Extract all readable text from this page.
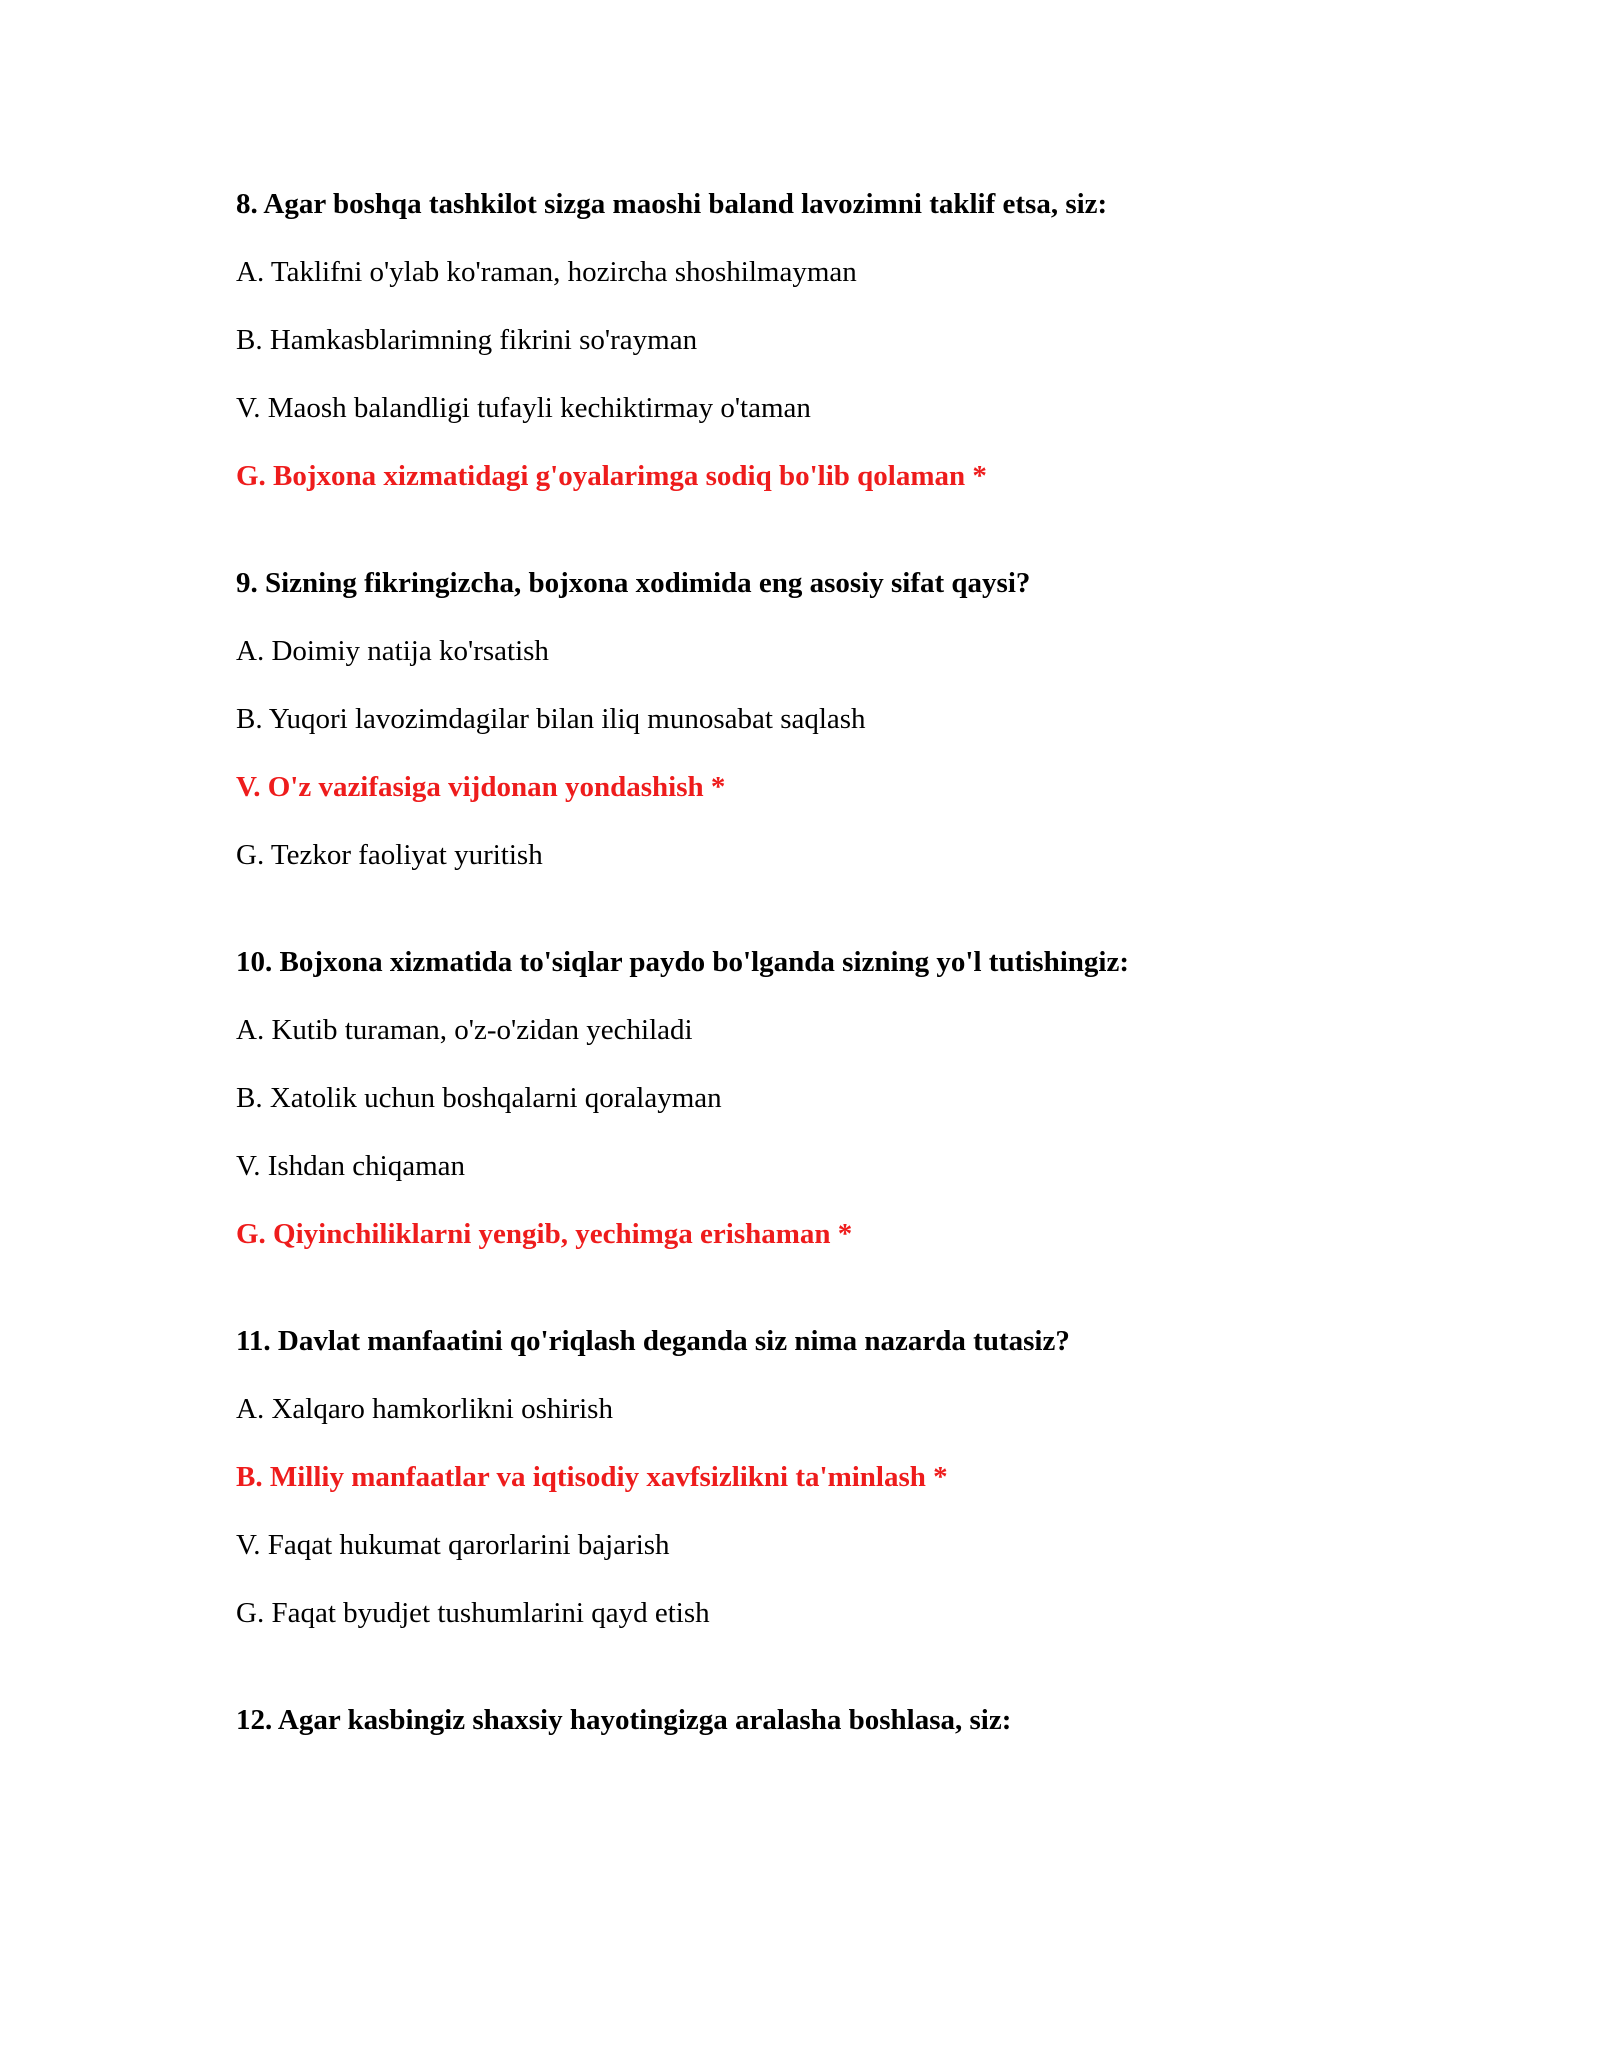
8. Agar boshqa tashkilot sizga maoshi baland lavozimni taklif etsa, siz:

A. Taklifni o'ylab ko'raman, hozircha shoshilmayman

B. Hamkasblarimning fikrini so'rayman

V. Maosh balandligi tufayli kechiktirmay o'taman

G. Bojxona xizmatidagi g'oyalarimga sodiq bo'lib qolaman *

9. Sizning fikringizcha, bojxona xodimida eng asosiy sifat qaysi?

A. Doimiy natija ko'rsatish

B. Yuqori lavozimdagilar bilan iliq munosabat saqlash

V. O'z vazifasiga vijdonan yondashish *

G. Tezkor faoliyat yuritish

10. Bojxona xizmatida to'siqlar paydo bo'lganda sizning yo'l tutishingiz:

A. Kutib turaman, o'z-o'zidan yechiladi

B. Xatolik uchun boshqalarni qoralayman

V. Ishdan chiqaman

G. Qiyinchiliklarni yengib, yechimga erishaman *

11. Davlat manfaatini qo'riqlash deganda siz nima nazarda tutasiz?

A. Xalqaro hamkorlikni oshirish

B. Milliy manfaatlar va iqtisodiy xavfsizlikni ta'minlash *

V. Faqat hukumat qarorlarini bajarish

G. Faqat byudjet tushumlarini qayd etish

12. Agar kasbingiz shaxsiy hayotingizga aralasha boshlasa, siz:
